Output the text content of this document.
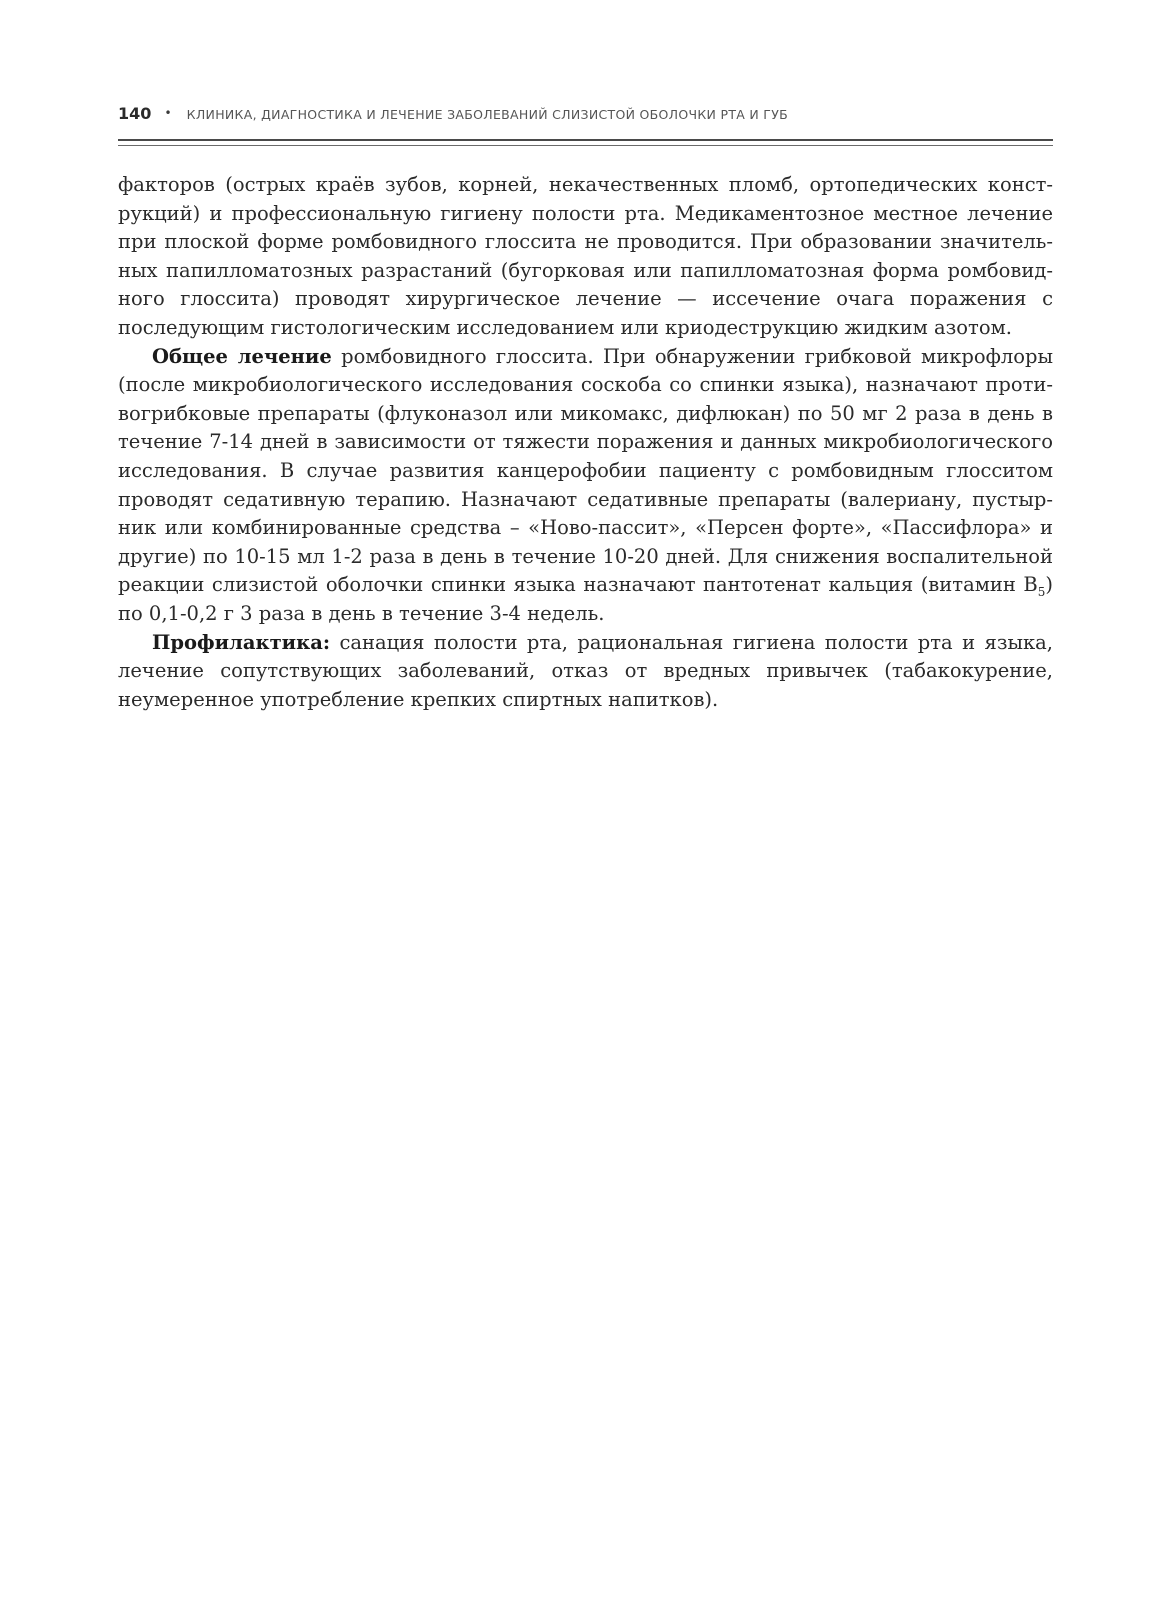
140 • КЛИНИКА, ДИАГНОСТИКА И ЛЕЧЕНИЕ ЗАБОЛЕВАНИЙ СЛИЗИСТОЙ ОБОЛОЧКИ РТА И ГУБ

факторов (острых краёв зубов, корней, некачественных пломб, ортопедических конструкций) и профессиональную гигиену полости рта. Медикаментозное местное лечение при плоской форме ромбовидного глоссита не проводится. При образовании значительных папилломатозных разрастаний (бугорковая или папилломатозная форма ромбовидного глоссита) проводят хирургическое лечение — иссечение очага поражения с последующим гистологическим исследованием или криодеструкцию жидким азотом.

Общее лечение ромбовидного глоссита. При обнаружении грибковой микрофлоры (после микробиологического исследования соскоба со спинки языка), назначают противогрибковые препараты (флуконазол или микомакс, дифлюкан) по 50 мг 2 раза в день в течение 7-14 дней в зависимости от тяжести поражения и данных микробиологического исследования. В случае развития канцерофобии пациенту с ромбовидным глосситом проводят седативную терапию. Назначают седативные препараты (валериану, пустырник или комбинированные средства – «Ново-пассит», «Персен форте», «Пассифлора» и другие) по 10-15 мл 1-2 раза в день в течение 10-20 дней. Для снижения воспалительной реакции слизистой оболочки спинки языка назначают пантотенат кальция (витамин $B_5$) по 0,1-0,2 г 3 раза в день в течение 3-4 недель.

Профилактика: санация полости рта, рациональная гигиена полости рта и языка, лечение сопутствующих заболеваний, отказ от вредных привычек (табакокурение, неумеренное употребление крепких спиртных напитков).
